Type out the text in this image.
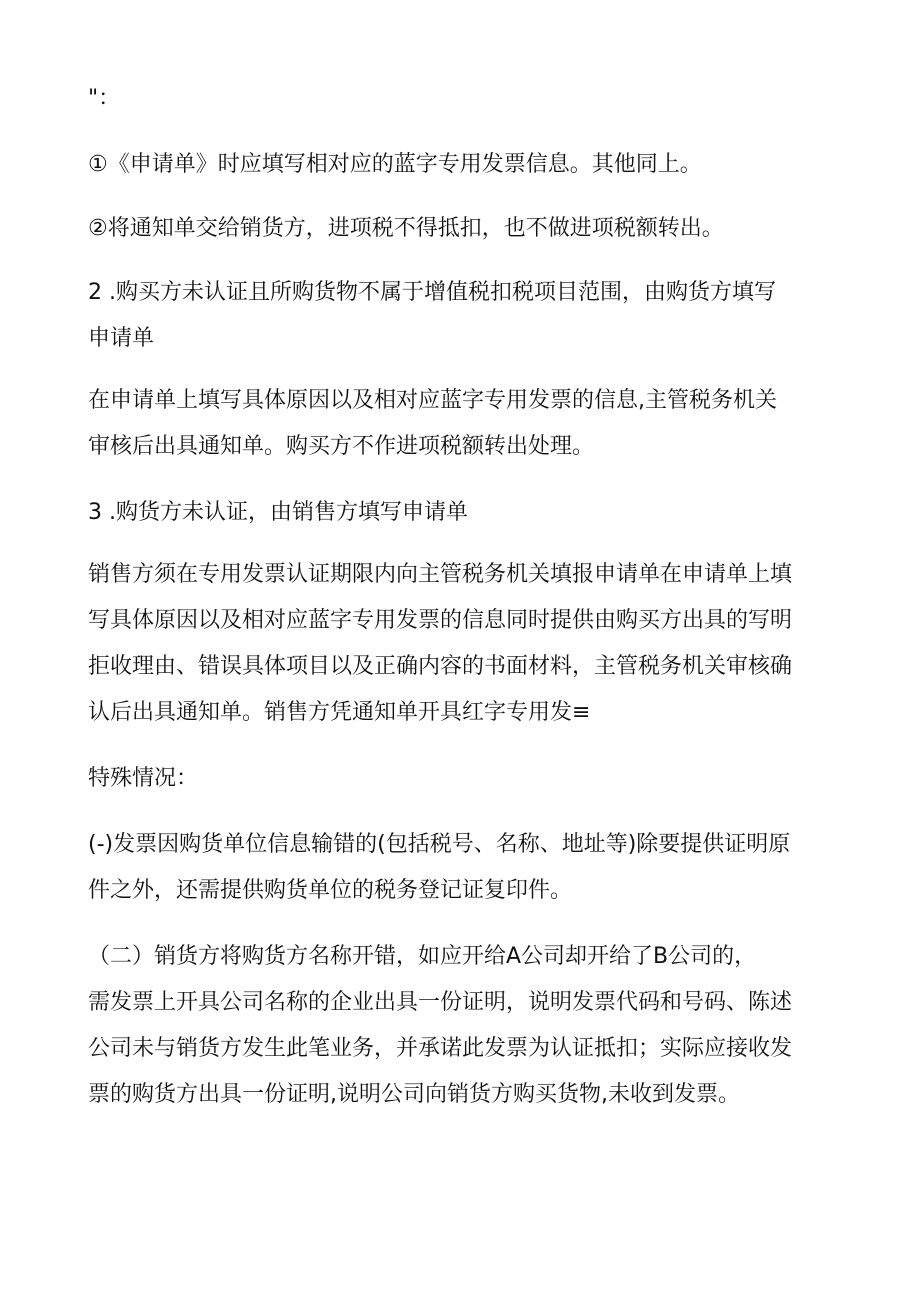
"：

①《申请单》时应填写相对应的蓝字专用发票信息。其他同上。

②将通知单交给销货方，进项税不得抵扣，也不做进项税额转出。

2 .购买方未认证且所购货物不属于增值税扣税项目范围，由购货方填写
申请单

在申请单上填写具体原因以及相对应蓝字专用发票的信息,主管税务机关
审核后出具通知单。购买方不作进项税额转出处理。

3 .购货方未认证，由销售方填写申请单

销售方须在专用发票认证期限内向主管税务机关填报申请单在申请单上填
写具体原因以及相对应蓝字专用发票的信息同时提供由购买方出具的写明
拒收理由、错误具体项目以及正确内容的书面材料，主管税务机关审核确
认后出具通知单。销售方凭通知单开具红字专用发≡

特殊情况：

(-)发票因购货单位信息输错的(包括税号、名称、地址等)除要提供证明原
件之外，还需提供购货单位的税务登记证复印件。

（二）销货方将购货方名称开错，如应开给A公司却开给了B公司的，
需发票上开具公司名称的企业出具一份证明，说明发票代码和号码、陈述
公司未与销货方发生此笔业务，并承诺此发票为认证抵扣；实际应接收发
票的购货方出具一份证明,说明公司向销货方购买货物,未收到发票。
